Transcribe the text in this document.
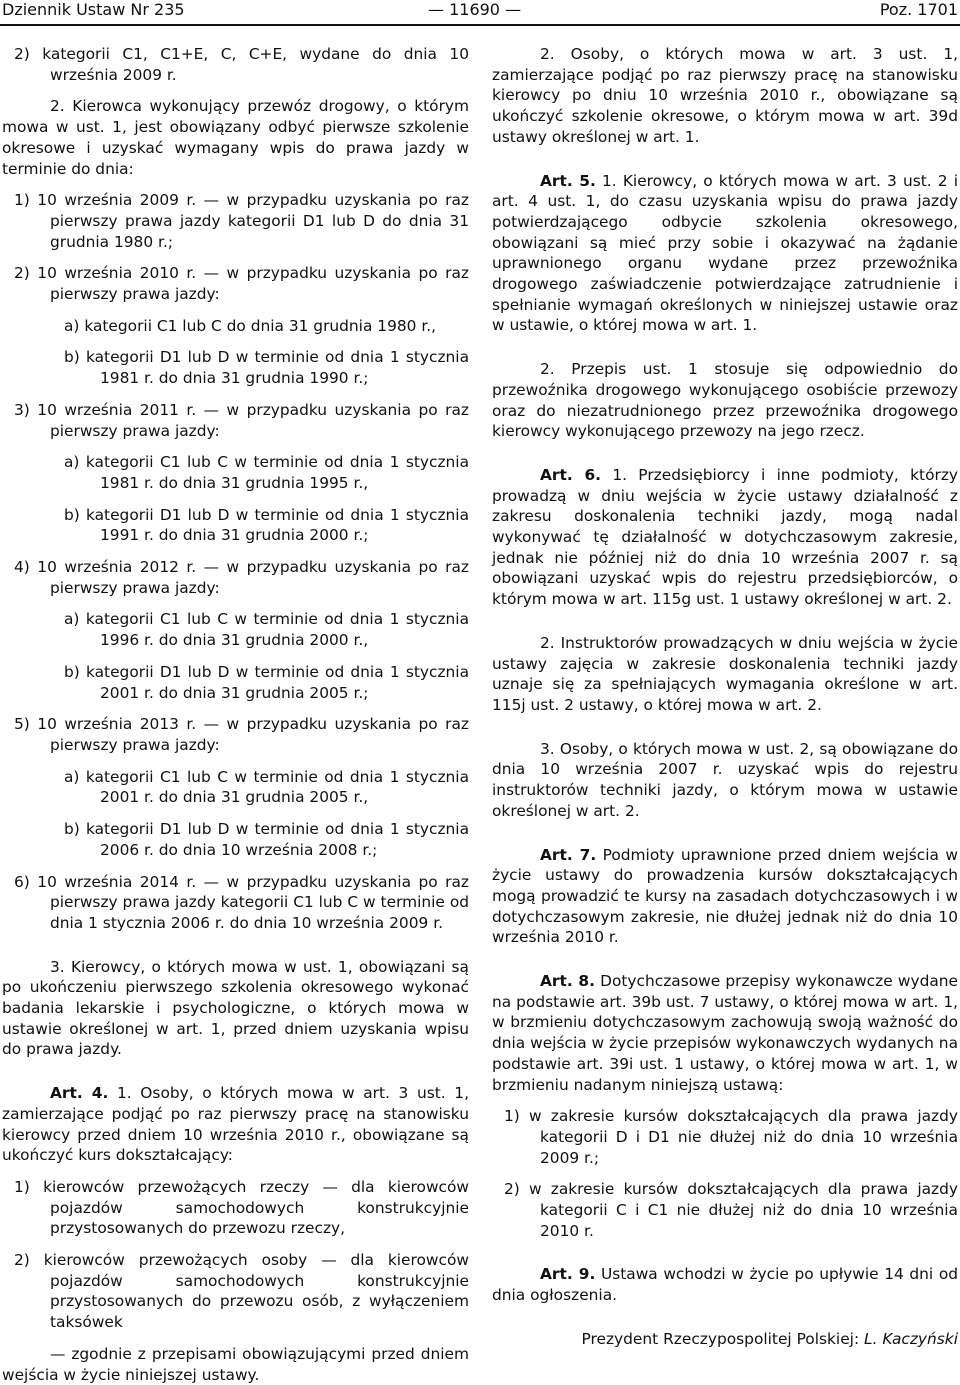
Dziennik Ustaw Nr 235	— 11690 —	Poz. 1701

2) kategorii C1, C1+E, C, C+E, wydane do dnia 10 września 2009 r.

2. Kierowca wykonujący przewóz drogowy, o którym mowa w ust. 1, jest obowiązany odbyć pierwsze szkolenie okresowe i uzyskać wymagany wpis do prawa jazdy w terminie do dnia:

1) 10 września 2009 r. — w przypadku uzyskania po raz pierwszy prawa jazdy kategorii D1 lub D do dnia 31 grudnia 1980 r.;

2) 10 września 2010 r. — w przypadku uzyskania po raz pierwszy prawa jazdy:

a) kategorii C1 lub C do dnia 31 grudnia 1980 r.,

b) kategorii D1 lub D w terminie od dnia 1 stycznia 1981 r. do dnia 31 grudnia 1990 r.;

3) 10 września 2011 r. — w przypadku uzyskania po raz pierwszy prawa jazdy:

a) kategorii C1 lub C w terminie od dnia 1 stycznia 1981 r. do dnia 31 grudnia 1995 r.,

b) kategorii D1 lub D w terminie od dnia 1 stycznia 1991 r. do dnia 31 grudnia 2000 r.;

4) 10 września 2012 r. — w przypadku uzyskania po raz pierwszy prawa jazdy:

a) kategorii C1 lub C w terminie od dnia 1 stycznia 1996 r. do dnia 31 grudnia 2000 r.,

b) kategorii D1 lub D w terminie od dnia 1 stycznia 2001 r. do dnia 31 grudnia 2005 r.;

5) 10 września 2013 r. — w przypadku uzyskania po raz pierwszy prawa jazdy:

a) kategorii C1 lub C w terminie od dnia 1 stycznia 2001 r. do dnia 31 grudnia 2005 r.,

b) kategorii D1 lub D w terminie od dnia 1 stycznia 2006 r. do dnia 10 września 2008 r.;

6) 10 września 2014 r. — w przypadku uzyskania po raz pierwszy prawa jazdy kategorii C1 lub C w terminie od dnia 1 stycznia 2006 r. do dnia 10 września 2009 r.

3. Kierowcy, o których mowa w ust. 1, obowiązani są po ukończeniu pierwszego szkolenia okresowego wykonać badania lekarskie i psychologiczne, o których mowa w ustawie określonej w art. 1, przed dniem uzyskania wpisu do prawa jazdy.

Art. 4. 1. Osoby, o których mowa w art. 3 ust. 1, zamierzające podjąć po raz pierwszy pracę na stanowisku kierowcy przed dniem 10 września 2010 r., obowiązane są ukończyć kurs dokształcający:

1) kierowców przewożących rzeczy — dla kierowców pojazdów samochodowych konstrukcyjnie przystosowanych do przewozu rzeczy,

2) kierowców przewożących osoby — dla kierowców pojazdów samochodowych konstrukcyjnie przystosowanych do przewozu osób, z wyłączeniem taksówek

— zgodnie z przepisami obowiązującymi przed dniem wejścia w życie niniejszej ustawy.

2. Osoby, o których mowa w art. 3 ust. 1, zamierzające podjąć po raz pierwszy pracę na stanowisku kierowcy po dniu 10 września 2010 r., obowiązane są ukończyć szkolenie okresowe, o którym mowa w art. 39d ustawy określonej w art. 1.

Art. 5. 1. Kierowcy, o których mowa w art. 3 ust. 2 i art. 4 ust. 1, do czasu uzyskania wpisu do prawa jazdy potwierdzającego odbycie szkolenia okresowego, obowiązani są mieć przy sobie i okazywać na żądanie uprawnionego organu wydane przez przewoźnika drogowego zaświadczenie potwierdzające zatrudnienie i spełnianie wymagań określonych w niniejszej ustawie oraz w ustawie, o której mowa w art. 1.

2. Przepis ust. 1 stosuje się odpowiednio do przewoźnika drogowego wykonującego osobiście przewozy oraz do niezatrudnionego przez przewoźnika drogowego kierowcy wykonującego przewozy na jego rzecz.

Art. 6. 1. Przedsiębiorcy i inne podmioty, którzy prowadzą w dniu wejścia w życie ustawy działalność z zakresu doskonalenia techniki jazdy, mogą nadal wykonywać tę działalność w dotychczasowym zakresie, jednak nie później niż do dnia 10 września 2007 r. są obowiązani uzyskać wpis do rejestru przedsiębiorców, o którym mowa w art. 115g ust. 1 ustawy określonej w art. 2.

2. Instruktorów prowadzących w dniu wejścia w życie ustawy zajęcia w zakresie doskonalenia techniki jazdy uznaje się za spełniających wymagania określone w art. 115j ust. 2 ustawy, o której mowa w art. 2.

3. Osoby, o których mowa w ust. 2, są obowiązane do dnia 10 września 2007 r. uzyskać wpis do rejestru instruktorów techniki jazdy, o którym mowa w ustawie określonej w art. 2.

Art. 7. Podmioty uprawnione przed dniem wejścia w życie ustawy do prowadzenia kursów dokształcających mogą prowadzić te kursy na zasadach dotychczasowych i w dotychczasowym zakresie, nie dłużej jednak niż do dnia 10 września 2010 r.

Art. 8. Dotychczasowe przepisy wykonawcze wydane na podstawie art. 39b ust. 7 ustawy, o której mowa w art. 1, w brzmieniu dotychczasowym zachowują swoją ważność do dnia wejścia w życie przepisów wykonawczych wydanych na podstawie art. 39i ust. 1 ustawy, o której mowa w art. 1, w brzmieniu nadanym niniejszą ustawą:

1) w zakresie kursów dokształcających dla prawa jazdy kategorii D i D1 nie dłużej niż do dnia 10 września 2009 r.;

2) w zakresie kursów dokształcających dla prawa jazdy kategorii C i C1 nie dłużej niż do dnia 10 września 2010 r.

Art. 9. Ustawa wchodzi w życie po upływie 14 dni od dnia ogłoszenia.

Prezydent Rzeczypospolitej Polskiej: L. Kaczyński
